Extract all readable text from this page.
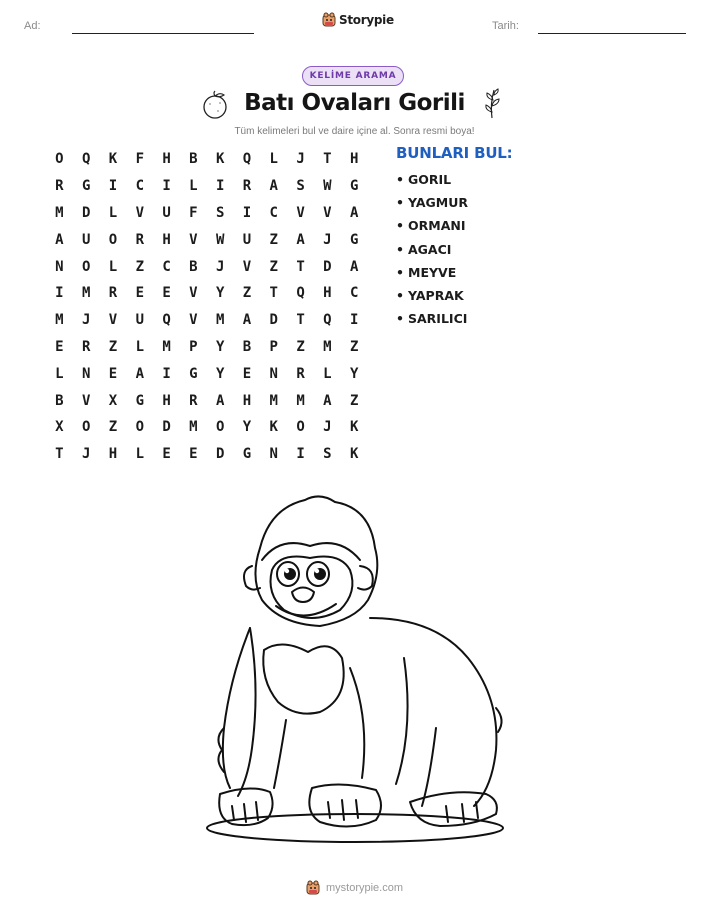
Ad:	Storypie	Tarih:
KELİME ARAMA
Batı Ovaları Gorili
Tüm kelimeleri bul ve daire içine al. Sonra resmi boya!
O	Q	K	F	H	B	K	Q	L	J	T	H
R	G	I	C	I	L	I	R	A	S	W	G
M	D	L	V	U	F	S	I	C	V	V	A
A	U	O	R	H	V	W	U	Z	A	J	G
N	O	L	Z	C	B	J	V	Z	T	D	A
I	M	R	E	E	V	Y	Z	T	Q	H	C
M	J	V	U	Q	V	M	A	D	T	Q	I
E	R	Z	L	M	P	Y	B	P	Z	M	Z
L	N	E	A	I	G	Y	E	N	R	L	Y
B	V	X	G	H	R	A	H	M	M	A	Z
X	O	Z	O	D	M	O	Y	K	O	J	K
T	J	H	L	E	E	D	G	N	I	S	K
BUNLARI BUL:
• GORIL
• YAGMUR
• ORMANI
• AGACI
• MEYVE
• YAPRAK
• SARILICI
mystorypie.com
